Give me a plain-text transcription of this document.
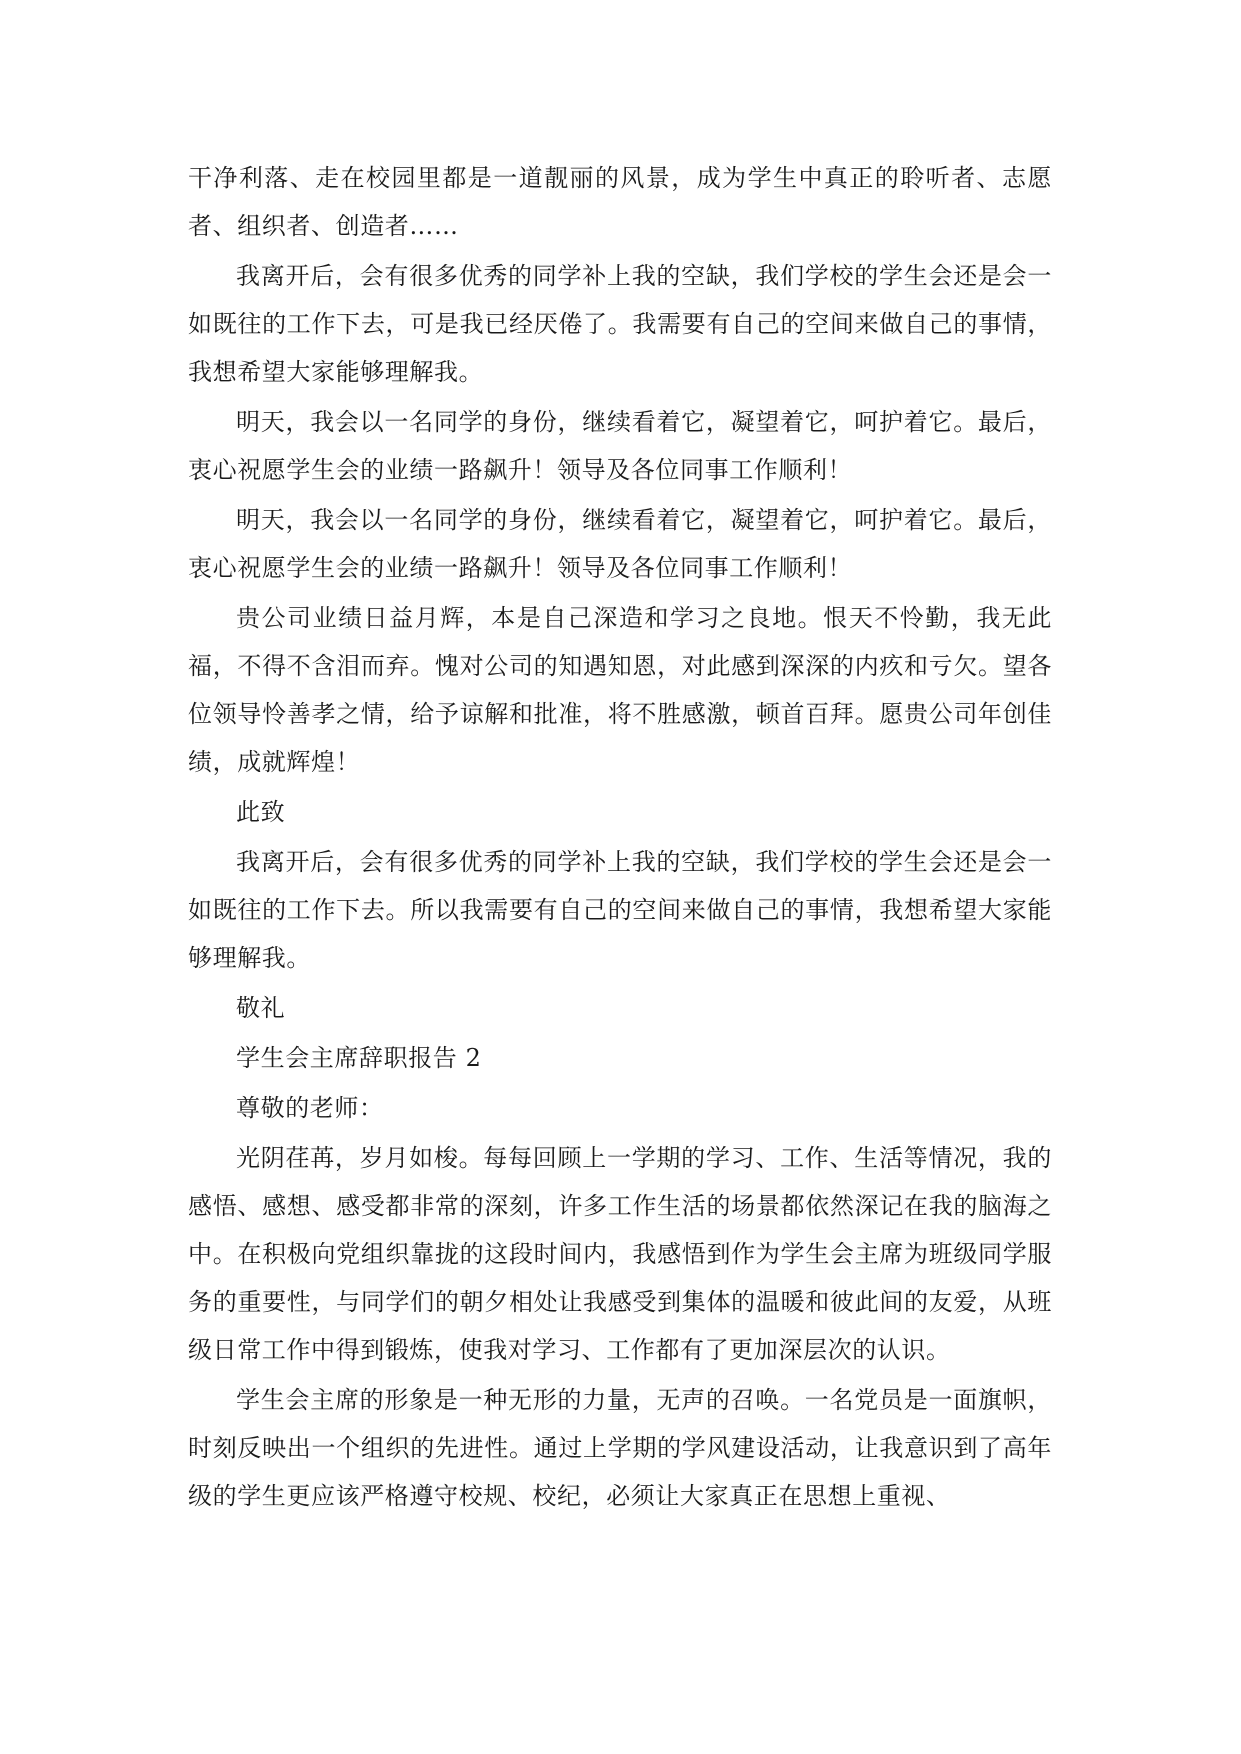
干净利落、走在校园里都是一道靓丽的风景，成为学生中真正的聆听者、志愿者、组织者、创造者……

我离开后，会有很多优秀的同学补上我的空缺，我们学校的学生会还是会一如既往的工作下去，可是我已经厌倦了。我需要有自己的空间来做自己的事情，我想希望大家能够理解我。

明天，我会以一名同学的身份，继续看着它，凝望着它，呵护着它。最后，衷心祝愿学生会的业绩一路飙升！领导及各位同事工作顺利！

明天，我会以一名同学的身份，继续看着它，凝望着它，呵护着它。最后，衷心祝愿学生会的业绩一路飙升！领导及各位同事工作顺利！

贵公司业绩日益月辉，本是自己深造和学习之良地。恨天不怜勤，我无此福，不得不含泪而弃。愧对公司的知遇知恩，对此感到深深的内疚和亏欠。望各位领导怜善孝之情，给予谅解和批准，将不胜感激，顿首百拜。愿贵公司年创佳绩，成就辉煌！

此致

我离开后，会有很多优秀的同学补上我的空缺，我们学校的学生会还是会一如既往的工作下去。所以我需要有自己的空间来做自己的事情，我想希望大家能够理解我。

敬礼

学生会主席辞职报告 2

尊敬的老师：

光阴荏苒，岁月如梭。每每回顾上一学期的学习、工作、生活等情况，我的感悟、感想、感受都非常的深刻，许多工作生活的场景都依然深记在我的脑海之中。在积极向党组织靠拢的这段时间内，我感悟到作为学生会主席为班级同学服务的重要性，与同学们的朝夕相处让我感受到集体的温暖和彼此间的友爱，从班级日常工作中得到锻炼，使我对学习、工作都有了更加深层次的认识。

学生会主席的形象是一种无形的力量，无声的召唤。一名党员是一面旗帜，时刻反映出一个组织的先进性。通过上学期的学风建设活动，让我意识到了高年级的学生更应该严格遵守校规、校纪，必须让大家真正在思想上重视、
